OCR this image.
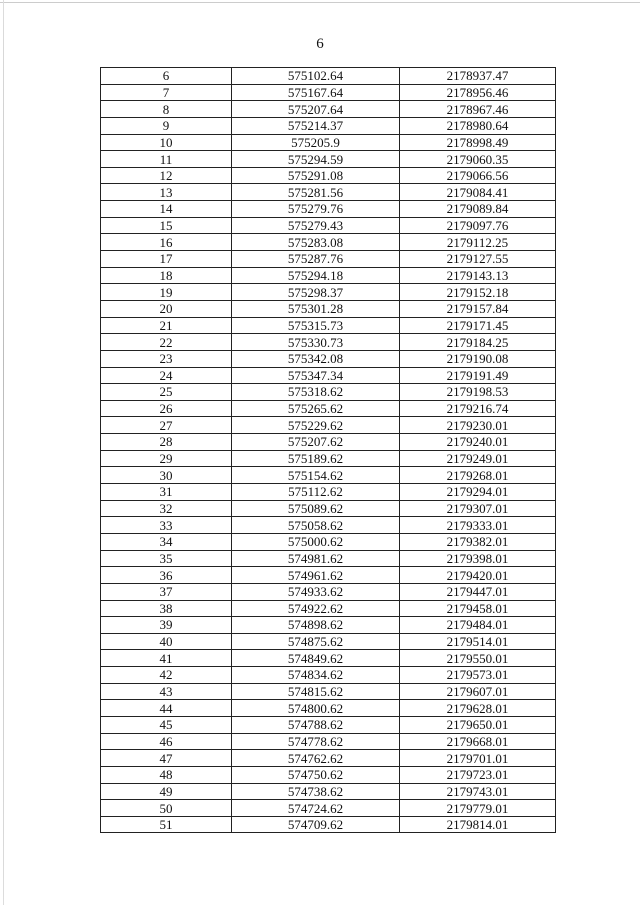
6
6	575102.64	2178937.47
7	575167.64	2178956.46
8	575207.64	2178967.46
9	575214.37	2178980.64
10	575205.9	2178998.49
11	575294.59	2179060.35
12	575291.08	2179066.56
13	575281.56	2179084.41
14	575279.76	2179089.84
15	575279.43	2179097.76
16	575283.08	2179112.25
17	575287.76	2179127.55
18	575294.18	2179143.13
19	575298.37	2179152.18
20	575301.28	2179157.84
21	575315.73	2179171.45
22	575330.73	2179184.25
23	575342.08	2179190.08
24	575347.34	2179191.49
25	575318.62	2179198.53
26	575265.62	2179216.74
27	575229.62	2179230.01
28	575207.62	2179240.01
29	575189.62	2179249.01
30	575154.62	2179268.01
31	575112.62	2179294.01
32	575089.62	2179307.01
33	575058.62	2179333.01
34	575000.62	2179382.01
35	574981.62	2179398.01
36	574961.62	2179420.01
37	574933.62	2179447.01
38	574922.62	2179458.01
39	574898.62	2179484.01
40	574875.62	2179514.01
41	574849.62	2179550.01
42	574834.62	2179573.01
43	574815.62	2179607.01
44	574800.62	2179628.01
45	574788.62	2179650.01
46	574778.62	2179668.01
47	574762.62	2179701.01
48	574750.62	2179723.01
49	574738.62	2179743.01
50	574724.62	2179779.01
51	574709.62	2179814.01
